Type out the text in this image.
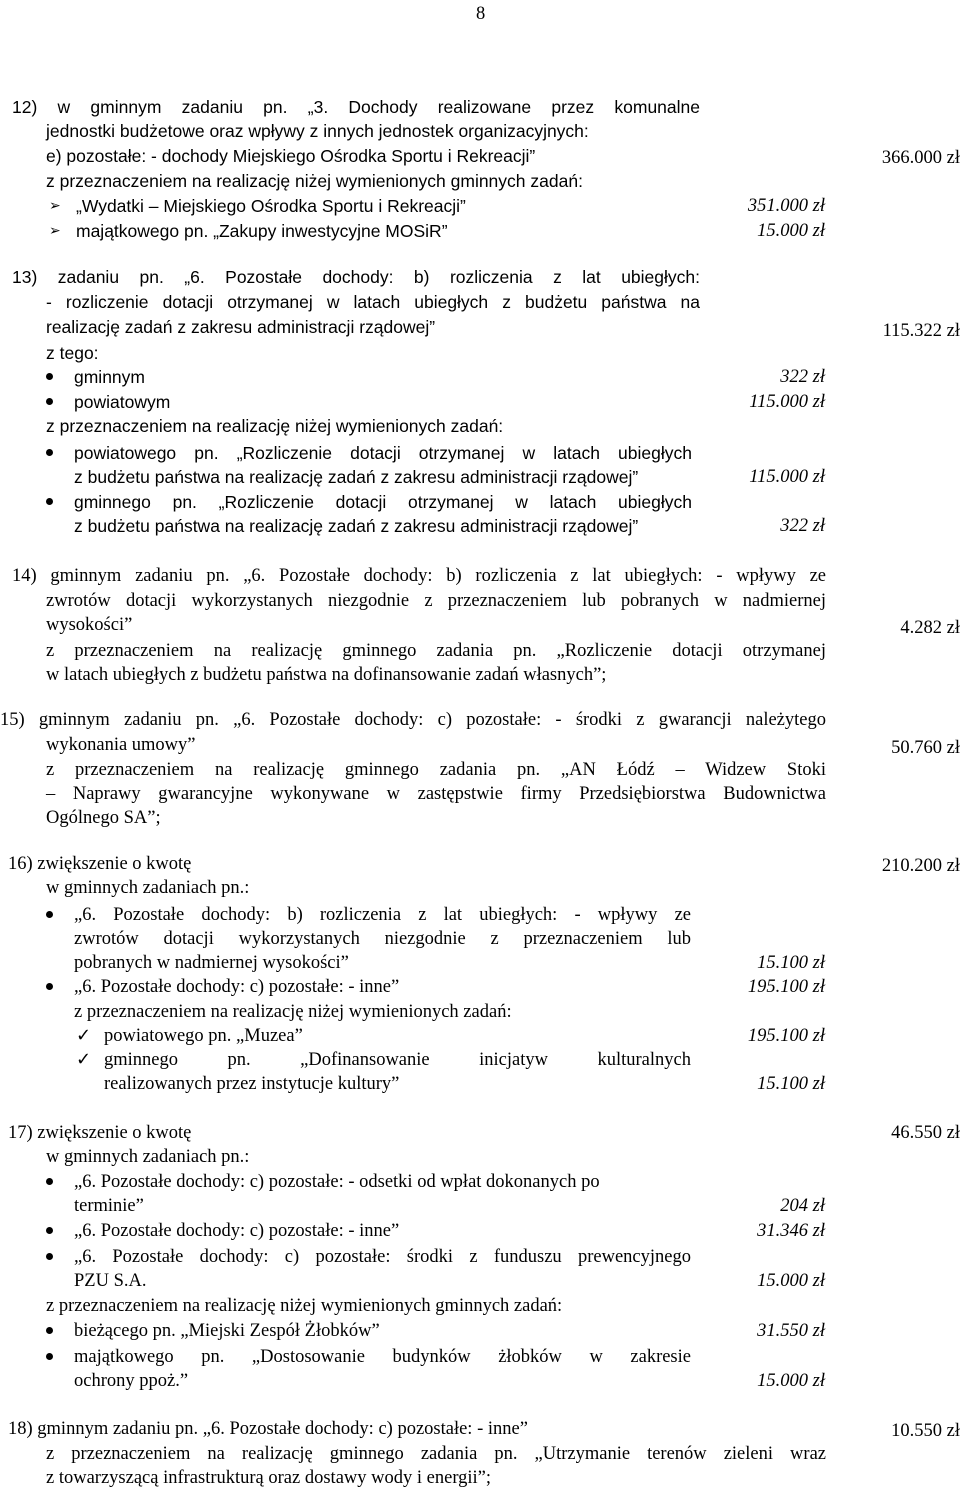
8
12) w gminnym zadaniu pn. „3. Dochody realizowane przez komunalne
jednostki budżetowe oraz wpływy z innych jednostek organizacyjnych:
e) pozostałe: - dochody Miejskiego Ośrodka Sportu i Rekreacji”	366.000 zł
z przeznaczeniem na realizację niżej wymienionych gminnych zadań:
➢ „Wydatki – Miejskiego Ośrodka Sportu i Rekreacji”	351.000 zł
➢ majątkowego pn. „Zakupy inwestycyjne MOSiR”	15.000 zł
13) zadaniu pn. „6. Pozostałe dochody: b) rozliczenia z lat ubiegłych:
- rozliczenie dotacji otrzymanej w latach ubiegłych z budżetu państwa na
realizację zadań z zakresu administracji rządowej”	115.322 zł
z tego:
gminnym	322 zł
powiatowym	115.000 zł
z przeznaczeniem na realizację niżej wymienionych zadań:
powiatowego pn. „Rozliczenie dotacji otrzymanej w latach ubiegłych
z budżetu państwa na realizację zadań z zakresu administracji rządowej”	115.000 zł
gminnego pn. „Rozliczenie dotacji otrzymanej w latach ubiegłych
z budżetu państwa na realizację zadań z zakresu administracji rządowej”	322 zł
14) gminnym zadaniu pn. „6. Pozostałe dochody: b) rozliczenia z lat ubiegłych: - wpływy ze
zwrotów dotacji wykorzystanych niezgodnie z przeznaczeniem lub pobranych w nadmiernej
wysokości”	4.282 zł
z przeznaczeniem na realizację gminnego zadania pn. „Rozliczenie dotacji otrzymanej
w latach ubiegłych z budżetu państwa na dofinansowanie zadań własnych”;
15) gminnym zadaniu pn. „6. Pozostałe dochody: c) pozostałe: - środki z gwarancji należytego
wykonania umowy”	50.760 zł
z przeznaczeniem na realizację gminnego zadania pn. „AN Łódź – Widzew Stoki
– Naprawy gwarancyjne wykonywane w zastępstwie firmy Przedsiębiorstwa Budownictwa
Ogólnego SA”;
16) zwiększenie o kwotę	210.200 zł
w gminnych zadaniach pn.:
„6. Pozostałe dochody: b) rozliczenia z lat ubiegłych: - wpływy ze
zwrotów dotacji wykorzystanych niezgodnie z przeznaczeniem lub
pobranych w nadmiernej wysokości”	15.100 zł
„6. Pozostałe dochody: c) pozostałe: - inne”	195.100 zł
z przeznaczeniem na realizację niżej wymienionych zadań:
✓ powiatowego pn. „Muzea”	195.100 zł
✓ gminnego pn. „Dofinansowanie inicjatyw kulturalnych
realizowanych przez instytucje kultury”	15.100 zł
17) zwiększenie o kwotę	46.550 zł
w gminnych zadaniach pn.:
„6. Pozostałe dochody: c) pozostałe: - odsetki od wpłat dokonanych po
terminie”	204 zł
„6. Pozostałe dochody: c) pozostałe: - inne”	31.346 zł
„6. Pozostałe dochody: c) pozostałe: środki z funduszu prewencyjnego
PZU S.A.	15.000 zł
z przeznaczeniem na realizację niżej wymienionych gminnych zadań:
bieżącego pn. „Miejski Zespół Żłobków”	31.550 zł
majątkowego pn. „Dostosowanie budynków żłobków w zakresie
ochrony ppoż.”	15.000 zł
18) gminnym zadaniu pn. „6. Pozostałe dochody: c) pozostałe: - inne”	10.550 zł
z przeznaczeniem na realizację gminnego zadania pn. „Utrzymanie terenów zieleni wraz
z towarzyszącą infrastrukturą oraz dostawy wody i energii”;
